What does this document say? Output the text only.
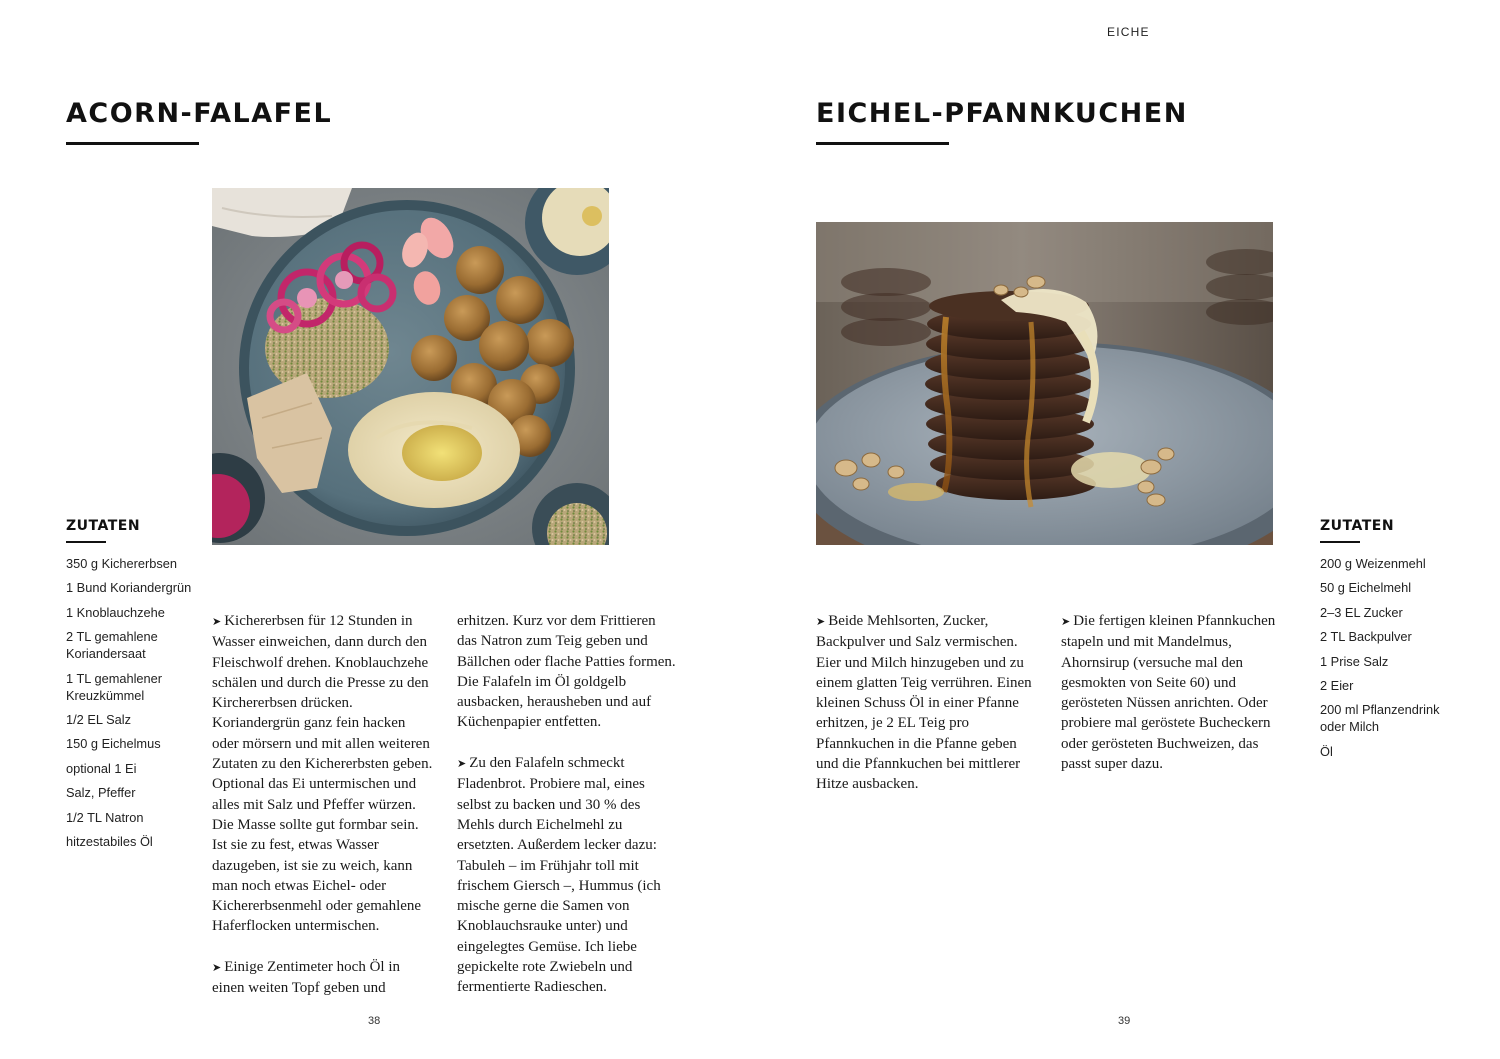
EICHE
ACORN-FALAFEL
ZUTATEN
350 g Kichererbsen
1 Bund Koriandergrün
1 Knoblauchzehe
2 TL gemahlene Koriandersaat
1 TL gemahlener Kreuzkümmel
1/2 EL Salz
150 g Eichelmus
optional 1 Ei
Salz, Pfeffer
1/2 TL Natron
hitzestabiles Öl

➤ Kichererbsen für 12 Stunden in Wasser einweichen, dann durch den Fleischwolf drehen. Knoblauchzehe schälen und durch die Presse zu den Kirchererbsen drücken. Koriandergrün ganz fein hacken oder mörsern und mit allen weiteren Zutaten zu den Kichererbsten geben. Optional das Ei untermischen und alles mit Salz und Pfeffer würzen. Die Masse sollte gut formbar sein. Ist sie zu fest, etwas Wasser dazugeben, ist sie zu weich, kann man noch etwas Eichel- oder Kichererbsenmehl oder gemahlene Haferflocken untermischen.

➤ Einige Zentimeter hoch Öl in einen weiten Topf geben und

erhitzen. Kurz vor dem Frittieren das Natron zum Teig geben und Bällchen oder flache Patties formen. Die Falafeln im Öl goldgelb ausbacken, herausheben und auf Küchenpapier entfetten.

➤ Zu den Falafeln schmeckt Fladenbrot. Probiere mal, eines selbst zu backen und 30 % des Mehls durch Eichelmehl zu ersetzten. Außerdem lecker dazu: Tabuleh – im Frühjahr toll mit frischem Giersch –, Hummus (ich mische gerne die Samen von Knoblauchsrauke unter) und eingelegtes Gemüse. Ich liebe gepickelte rote Zwiebeln und fermentierte Radieschen.

38
EICHEL-PFANNKUCHEN

➤ Beide Mehlsorten, Zucker, Backpulver und Salz vermischen. Eier und Milch hinzugeben und zu einem glatten Teig verrühren. Einen kleinen Schuss Öl in einer Pfanne erhitzen, je 2 EL Teig pro Pfannkuchen in die Pfanne geben und die Pfannkuchen bei mittlerer Hitze ausbacken.

➤ Die fertigen kleinen Pfannkuchen stapeln und mit Mandelmus, Ahornsirup (versuche mal den gesmokten von Seite 60) und gerösteten Nüssen anrichten. Oder probiere mal geröstete Bucheckern oder gerösteten Buchweizen, das passt super dazu.

ZUTATEN
200 g Weizenmehl
50 g Eichelmehl
2–3 EL Zucker
2 TL Backpulver
1 Prise Salz
2 Eier
200 ml Pflanzendrink oder Milch
Öl
39
